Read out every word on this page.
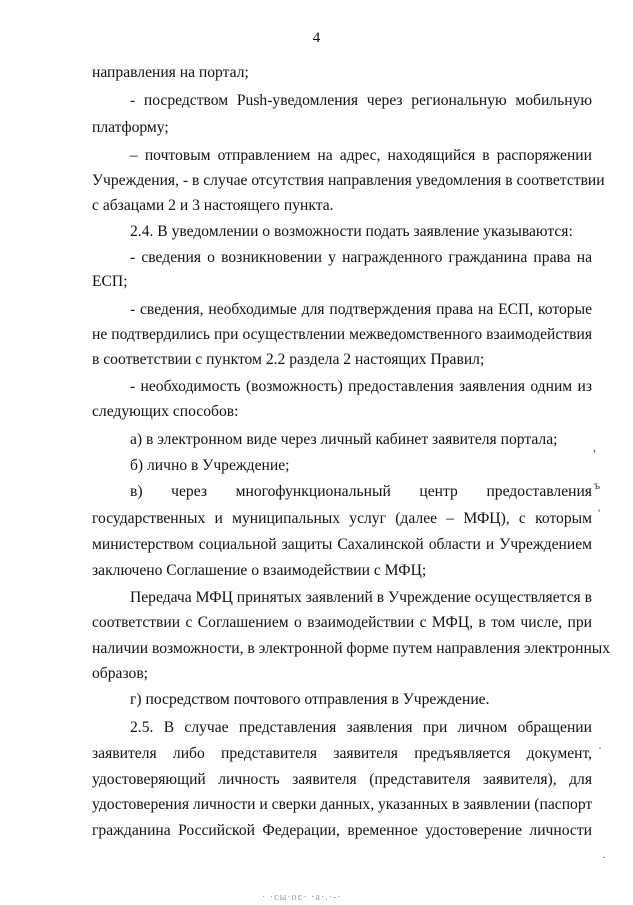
4
направления на портал;
- посредством Push-уведомления через региональную мобильную
платформу;
– почтовым отправлением на адрес, находящийся в распоряжении
Учреждения, - в случае отсутствия направления уведомления в соответствии
с абзацами 2 и 3 настоящего пункта.
2.4. В уведомлении о возможности подать заявление указываются:
- сведения о возникновении у награжденного гражданина права на
ЕСП;
- сведения, необходимые для подтверждения права на ЕСП, которые
не подтвердились при осуществлении межведомственного взаимодействия
в соответствии с пунктом 2.2 раздела 2 настоящих Правил;
- необходимость (возможность) предоставления заявления одним из
следующих способов:
а) в электронном виде через личный кабинет заявителя портала;
б) лично в Учреждение;
в) через многофункциональный центр предоставления
государственных и муниципальных услуг (далее – МФЦ), с которым
министерством социальной защиты Сахалинской области и Учреждением
заключено Соглашение о взаимодействии с МФЦ;
Передача МФЦ принятых заявлений в Учреждение осуществляется в
соответствии с Соглашением о взаимодействии с МФЦ, в том числе, при
наличии возможности, в электронной форме путем направления электронных
образов;
г) посредством почтового отправления в Учреждение.
2.5. В случае представления заявления при личном обращении
заявителя либо представителя заявителя предъявляется документ,
удостоверяющий личность заявителя (представителя заявителя), для
удостоверения личности и сверки данных, указанных в заявлении (паспорт
гражданина Российской Федерации, временное удостоверение личности
,
ъ
'
·
·
· ·сы·ос· ·а·.·-·
